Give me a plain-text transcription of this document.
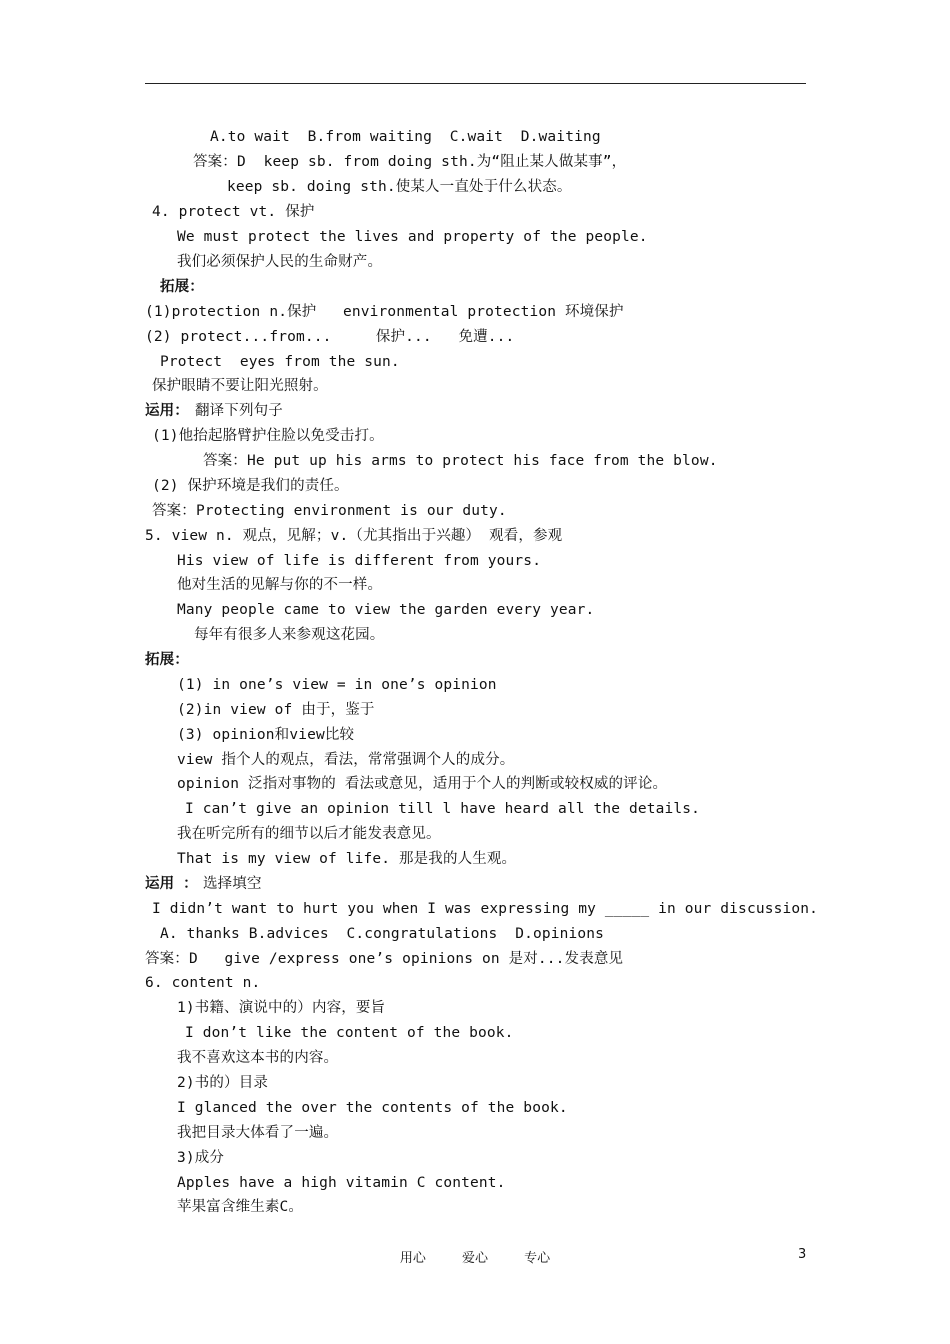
A.to wait  B.from waiting  C.wait  D.waiting
答案：D  keep sb. from doing sth.为“阻止某人做某事”，
keep sb. doing sth.使某人一直处于什么状态。
4. protect vt. 保护
We must protect the lives and property of the people.
我们必须保护人民的生命财产。
拓展：
(1)protection n.保护   environmental protection 环境保护
(2) protect...from...     保护...   免遭...
Protect  eyes from the sun.
保护眼睛不要让阳光照射。
运用： 翻译下列句子
(1)他抬起胳臂护住脸以免受击打。
答案：He put up his arms to protect his face from the blow.
(2) 保护环境是我们的责任。
答案：Protecting environment is our duty.
5. view n. 观点，见解；v.（尤其指出于兴趣） 观看，参观
His view of life is different from yours.
他对生活的见解与你的不一样。
Many people came to view the garden every year.
每年有很多人来参观这花园。
拓展：
(1) in one’s view = in one’s opinion
(2)in view of 由于，鉴于
(3) opinion和view比较
view 指个人的观点，看法，常常强调个人的成分。
opinion 泛指对事物的 看法或意见，适用于个人的判断或较权威的评论。
I can’t give an opinion till l have heard all the details.
我在听完所有的细节以后才能发表意见。
That is my view of life. 那是我的人生观。
运用 ： 选择填空
I didn’t want to hurt you when I was expressing my _____ in our discussion.
A. thanks B.advices  C.congratulations  D.opinions
答案：D   give /express one’s opinions on 是对...发表意见
6. content n.
1)书籍、演说中的）内容，要旨
I don’t like the content of the book.
我不喜欢这本书的内容。
2)书的）目录
I glanced the over the contents of the book.
我把目录大体看了一遍。
3)成分
Apples have a high vitamin C content.
苹果富含维生素C。
用心	爱心	专心	3
